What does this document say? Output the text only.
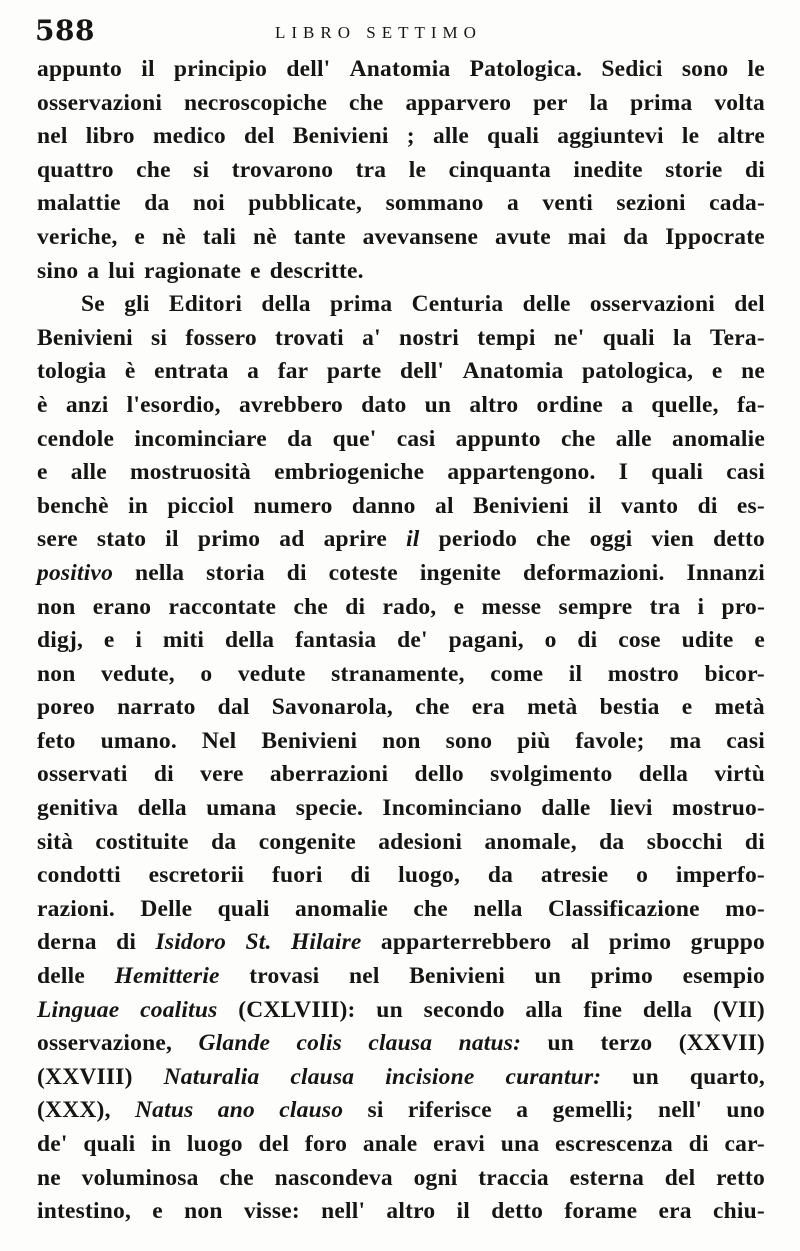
588	LIBRO SETTIMO
appunto il principio dell' Anatomia Patologica. Sedici sono le
osservazioni necroscopiche che apparvero per la prima volta
nel libro medico del Benivieni ; alle quali aggiuntevi le altre
quattro che si trovarono tra le cinquanta inedite storie di
malattie da noi pubblicate, sommano a venti sezioni cada-
veriche, e nè tali nè tante avevansene avute mai da Ippocrate
sino a lui ragionate e descritte.
Se gli Editori della prima Centuria delle osservazioni del
Benivieni si fossero trovati a' nostri tempi ne' quali la Tera-
tologia è entrata a far parte dell' Anatomia patologica, e ne
è anzi l'esordio, avrebbero dato un altro ordine a quelle, fa-
cendole incominciare da que' casi appunto che alle anomalie
e alle mostruosità embriogeniche appartengono. I quali casi
benchè in picciol numero danno al Benivieni il vanto di es-
sere stato il primo ad aprire il periodo che oggi vien detto
positivo nella storia di coteste ingenite deformazioni. Innanzi
non erano raccontate che di rado, e messe sempre tra i pro-
digj, e i miti della fantasia de' pagani, o di cose udite e
non vedute, o vedute stranamente, come il mostro bicor-
poreo narrato dal Savonarola, che era metà bestia e metà
feto umano. Nel Benivieni non sono più favole; ma casi
osservati di vere aberrazioni dello svolgimento della virtù
genitiva della umana specie. Incominciano dalle lievi mostruo-
sità costituite da congenite adesioni anomale, da sbocchi di
condotti escretorii fuori di luogo, da atresie o imperfo-
razioni. Delle quali anomalie che nella Classificazione mo-
derna di Isidoro St. Hilaire apparterrebbero al primo gruppo
delle Hemitterie trovasi nel Benivieni un primo esempio
Linguae coalitus (CXLVIII): un secondo alla fine della (VII)
osservazione, Glande colis clausa natus: un terzo (XXVII)
(XXVIII) Naturalia clausa incisione curantur: un quarto,
(XXX), Natus ano clauso si riferisce a gemelli; nell' uno
de' quali in luogo del foro anale eravi una escrescenza di car-
ne voluminosa che nascondeva ogni traccia esterna del retto
intestino, e non visse: nell' altro il detto forame era chiu-
